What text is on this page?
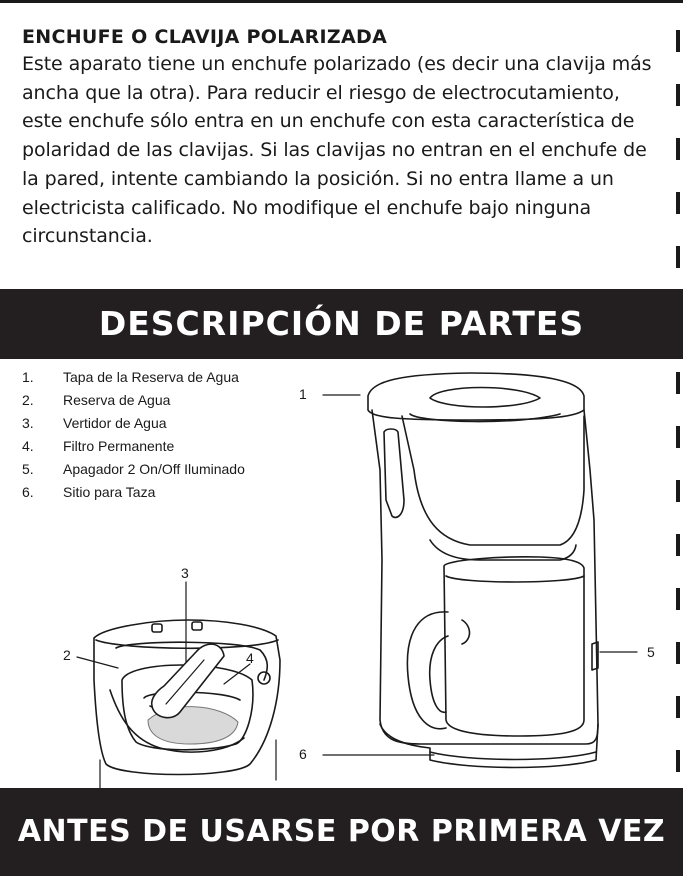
ENCHUFE O CLAVIJA POLARIZADA

Este aparato tiene un enchufe polarizado (es decir una clavija más ancha que la otra). Para reducir el riesgo de electrocutamiento, este enchufe sólo entra en un enchufe con esta característica de polaridad de las clavijas. Si las clavijas no entran en el enchufe de la pared, intente cambiando la posición. Si no entra llame a un electricista calificado. No modifique el enchufe bajo ninguna circunstancia.

DESCRIPCIÓN DE PARTES
1. Tapa de la Reserva de Agua
2. Reserva de Agua
3. Vertidor de Agua
4. Filtro Permanente
5. Apagador 2 On/Off Iluminado
6. Sitio para Taza
1
2
3
4	5
6
ANTES DE USARSE POR PRIMERA VEZ
